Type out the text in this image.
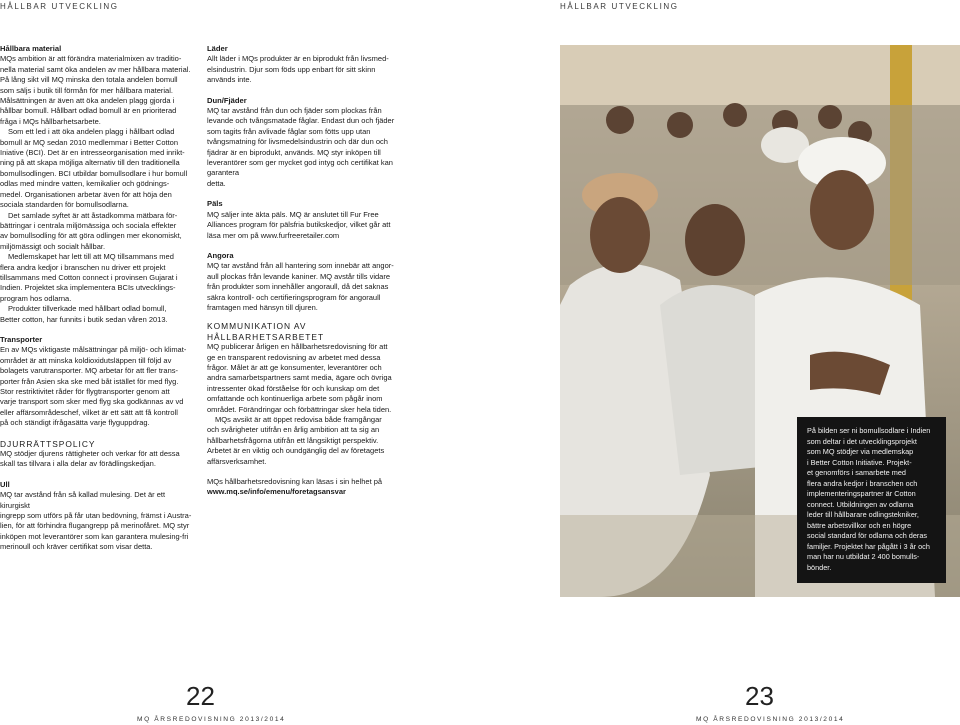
HÅLLBAR UTVECKLING	HÅLLBAR UTVECKLING

Hållbara material

MQs ambition är att förändra materialmixen av traditio-

nella material samt öka andelen av mer hållbara material.

På lång sikt vill MQ minska den totala andelen bomull

som säljs i butik till förmån för mer hållbara material.

Målsättningen är även att öka andelen plagg gjorda i

hållbar bomull. Hållbart odlad bomull är en prioriterad

fråga i MQs hållbarhetsarbete.

Som ett led i att öka andelen plagg i hållbart odlad

bomull är MQ sedan 2010 medlemmar i Better Cotton

Iniative (BCI). Det är en intresseorganisation med inrikt-

ning på att skapa möjliga alternativ till den traditionella

bomullsodlingen. BCI utbildar bomullsodlare i hur bomull

odlas med mindre vatten, kemikalier och gödnings-

medel. Organisationen arbetar även för att höja den

sociala standarden för bomullsodlarna.

Det samlade syftet är att åstadkomma mätbara för-

bättringar i centrala miljömässiga och sociala effekter

av bomullsodling för att göra odlingen mer ekonomiskt,

miljömässigt och socialt hållbar.

Medlemskapet har lett till att MQ tillsammans med

flera andra kedjor i branschen nu driver ett projekt

tillsammans med Cotton connect i provinsen Gujarat i

Indien. Projektet ska implementera BCIs utvecklings-

program hos odlarna.

Produkter tillverkade med hållbart odlad bomull,

Better cotton, har funnits i butik sedan våren 2013.

Transporter

En av MQs viktigaste målsättningar på miljö- och klimat-

området är att minska koldioxidutsläppen till följd av

bolagets varutransporter. MQ arbetar för att fler trans-

porter från Asien ska ske med båt istället för med flyg.

Stor restriktivitet råder för flygtransporter genom att

varje transport som sker med flyg ska godkännas av vd

eller affärsområdeschef, vilket är ett sätt att få kontroll

på och ständigt ifrågasätta varje flyguppdrag.

DJURRÄTTSPOLICY

MQ stödjer djurens rättigheter och verkar för att dessa

skall tas tillvara i alla delar av förädlingskedjan.

Ull

MQ tar avstånd från så kallad mulesing. Det är ett kirurgiskt

ingrepp som utförs på får utan bedövning, främst i Austra-

lien, för att förhindra flugangrepp på merinofåret. MQ styr

inköpen mot leverantörer som kan garantera mulesing-fri

merinoull och kräver certifikat som visar detta.

Läder

Allt läder i MQs produkter är en biprodukt från livsmed-

elsindustrin. Djur som föds upp enbart för sitt skinn

används inte.

Dun/Fjäder

MQ tar avstånd från dun och fjäder som plockas från

levande och tvångsmatade fåglar. Endast dun och fjäder

som tagits från avlivade fåglar som fötts upp utan

tvångsmatning för livsmedelsindustrin och där dun och

fjädrar är en biprodukt, används. MQ styr inköpen till

leverantörer som ger mycket god intyg och certifikat kan garantera

detta.

Päls

MQ säljer inte äkta päls. MQ är anslutet till Fur Free

Alliances program för pälsfria butikskedjor, vilket går att

läsa mer om på www.furfreeretailer.com

Angora

MQ tar avstånd från all hantering som innebär att angor-

aull plockas från levande kaniner. MQ avstår tills vidare

från produkter som innehåller angoraull, då det saknas

säkra kontroll- och certifieringsprogram för angoraull

framtagen med hänsyn till djuren.

KOMMUNIKATION AV

HÅLLBARHETSARBETET

MQ publicerar årligen en hållbarhetsredovisning för att

ge en transparent redovisning av arbetet med dessa

frågor. Målet är att ge konsumenter, leverantörer och

andra samarbetspartners samt media, ägare och övriga

intressenter ökad förståelse för och kunskap om det

omfattande och kontinuerliga arbete som pågår inom

området. Förändringar och förbättringar sker hela tiden.

MQs avsikt är att öppet redovisa både framgångar

och svårigheter utifrån en årlig ambition att ta sig an

hållbarhetsfrågorna utifrån ett långsiktigt perspektiv.

Arbetet är en viktig och oundgänglig del av företagets

affärsverksamhet.

MQs hållbarhetsredovisning kan läsas i sin helhet på

www.mq.se/info/emenu/foretagsansvar

På bilden ser ni bomullsodlare i Indien
som deltar i det utvecklingsprojekt
som MQ stödjer via medlemskap
i Better Cotton Initiative. Projekt-
et genomförs i samarbete med
flera andra kedjor i branschen och
implementeringspartner är Cotton
connect. Utbildningen av odlarna
leder till hållbarare odlingstekniker,
bättre arbetsvillkor och en högre
social standard för odlarna och deras
familjer. Projektet har pågått i 3 år och
man har nu utbildat 2 400 bomulls-
bönder.
22	23
MQ ÅRSREDOVISNING 2013/2014	MQ ÅRSREDOVISNING 2013/2014
